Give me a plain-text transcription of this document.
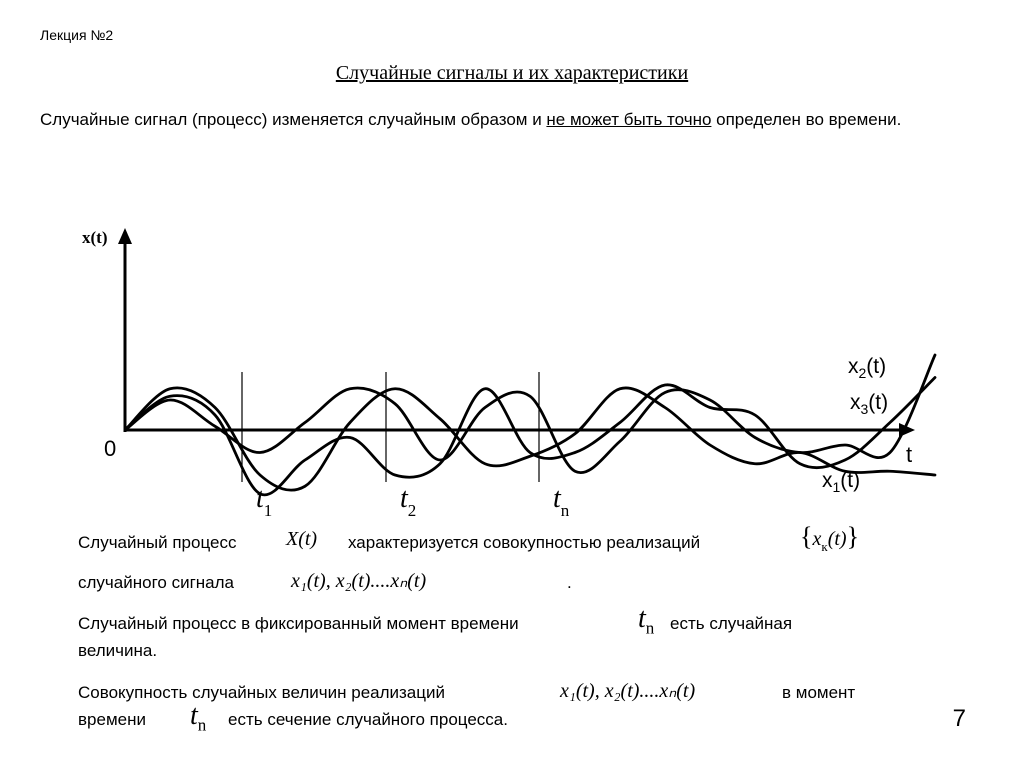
Лекция №2
Случайные сигналы и их характеристики
Случайные сигнал (процесс) изменяется случайным образом и не может быть точно определен во времени.
x(t)
t
0
$t_1$	$t_2$	$t_n$
$x_1(t)$
$x_2(t)$
$x_3(t)$
Случайный процесс X(t) характеризуется совокупностью реализаций	$\{x_к(t)\}$
случайного сигнала	x₁(t), x₂(t)....xₙ(t)	.
Случайный процесс в фиксированный момент времени	$t_n$ есть случайная
величина.
Совокупность случайных величин реализаций	x₁(t), x₂(t)....xₙ(t)	в момент
времени $t_n$ есть сечение случайного процесса.	7
